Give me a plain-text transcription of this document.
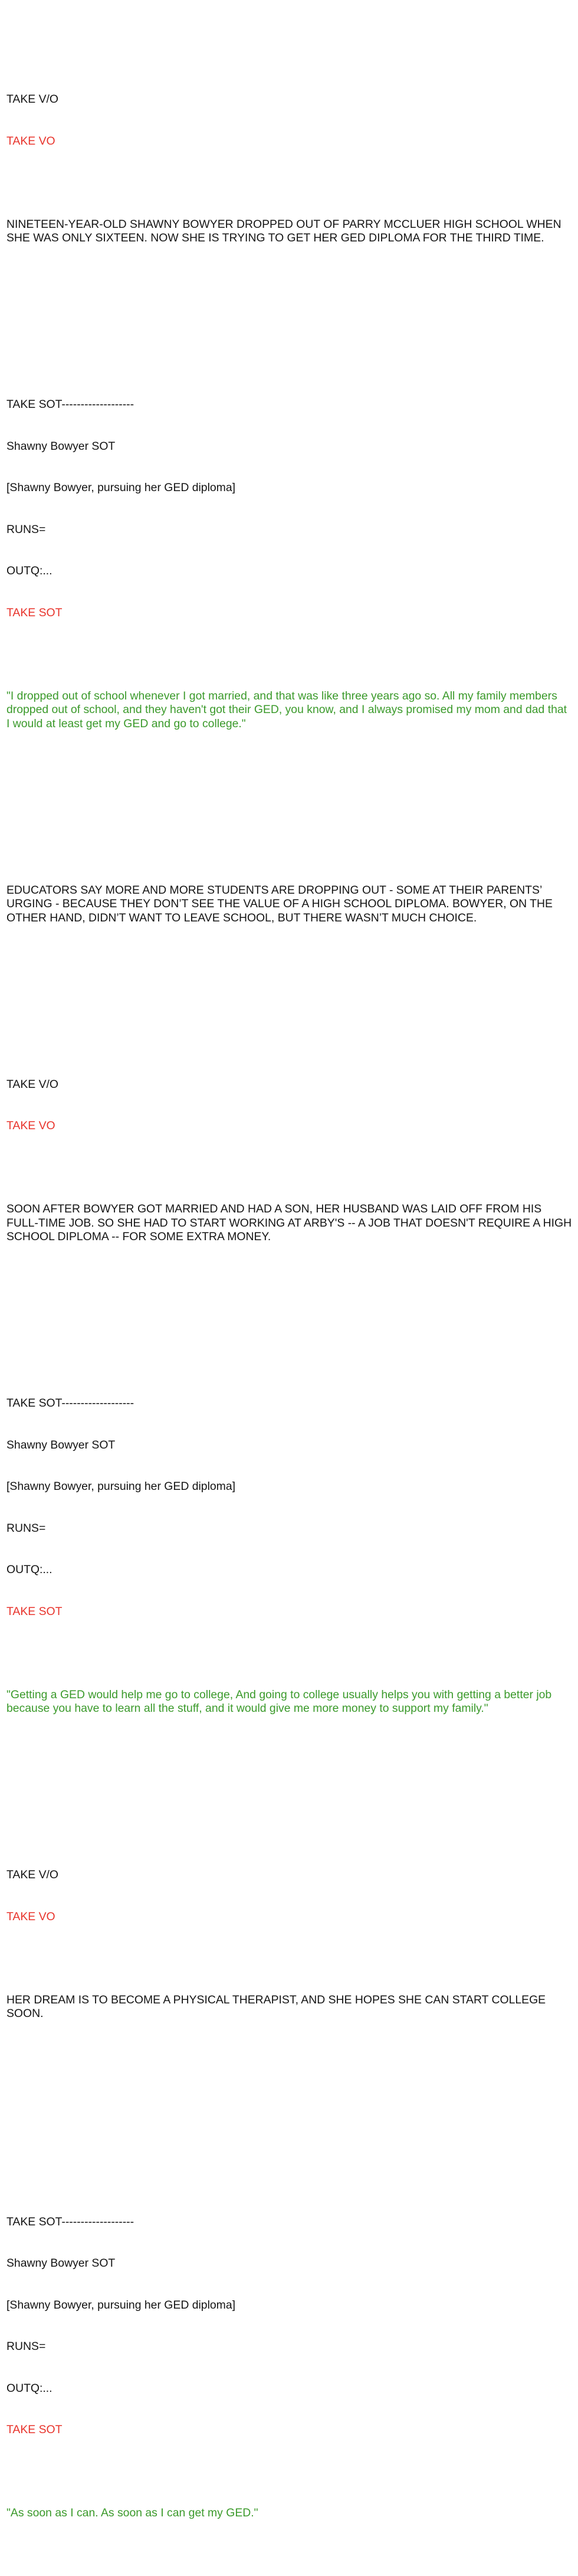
TAKE V/O

TAKE VO

NINETEEN-YEAR-OLD SHAWNY BOWYER DROPPED OUT OF PARRY MCCLUER HIGH SCHOOL WHEN SHE WAS ONLY SIXTEEN. NOW SHE IS TRYING TO GET HER GED DIPLOMA FOR THE THIRD TIME.

TAKE SOT-------------------

Shawny Bowyer SOT

[Shawny Bowyer, pursuing her GED diploma]

RUNS=

OUTQ:...

TAKE SOT

"I dropped out of school whenever I got married, and that was like three years ago so. All my family members dropped out of school, and they haven't got their GED, you know, and I always promised my mom and dad that I would at least get my GED and go to college."

EDUCATORS SAY MORE AND MORE STUDENTS ARE DROPPING OUT - SOME AT THEIR PARENTS’ URGING - BECAUSE THEY DON’T SEE THE VALUE OF A HIGH SCHOOL DIPLOMA. BOWYER, ON THE OTHER HAND, DIDN’T WANT TO LEAVE SCHOOL, BUT THERE WASN’T MUCH CHOICE.

TAKE V/O

TAKE VO

SOON AFTER BOWYER GOT MARRIED AND HAD A SON, HER HUSBAND WAS LAID OFF FROM HIS FULL-TIME JOB. SO SHE HAD TO START WORKING AT ARBY'S -- A JOB THAT DOESN'T REQUIRE A HIGH SCHOOL DIPLOMA -- FOR SOME EXTRA MONEY.

TAKE SOT-------------------

Shawny Bowyer SOT

[Shawny Bowyer, pursuing her GED diploma]

RUNS=

OUTQ:...

TAKE SOT

"Getting a GED would help me go to college, And going to college usually helps you with getting a better job because you have to learn all the stuff, and it would give me more money to support my family."

TAKE V/O

TAKE VO

HER DREAM IS TO BECOME A PHYSICAL THERAPIST, AND SHE HOPES SHE CAN START COLLEGE SOON.

TAKE SOT-------------------

Shawny Bowyer SOT

[Shawny Bowyer, pursuing her GED diploma]

RUNS=

OUTQ:...

TAKE SOT

"As soon as I can. As soon as I can get my GED."
